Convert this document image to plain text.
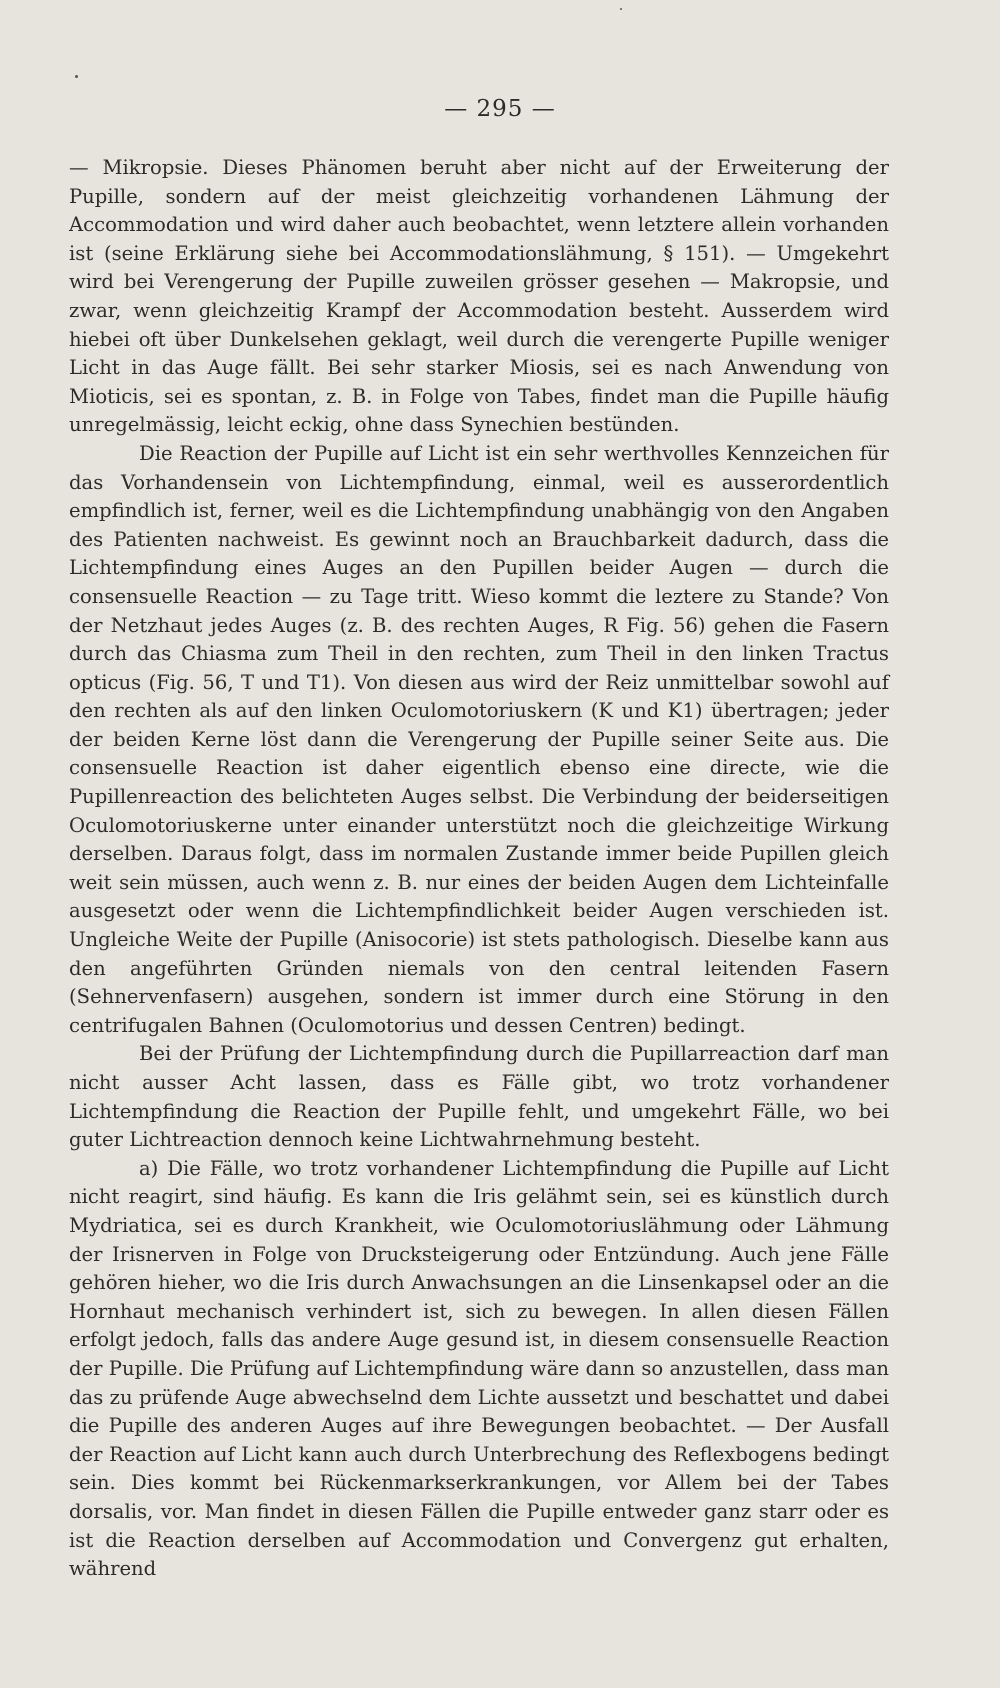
— 295 —

— Mikropsie. Dieses Phänomen beruht aber nicht auf der Erweiterung der Pupille, sondern auf der meist gleichzeitig vorhandenen Lähmung der Accommodation und wird daher auch beobachtet, wenn letztere allein vorhanden ist (seine Erklärung siehe bei Accommodationslähmung, § 151). — Umgekehrt wird bei Verengerung der Pupille zuweilen grösser gesehen — Makropsie, und zwar, wenn gleichzeitig Krampf der Accommodation besteht. Ausserdem wird hiebei oft über Dunkelsehen geklagt, weil durch die verengerte Pupille weniger Licht in das Auge fällt. Bei sehr starker Miosis, sei es nach Anwendung von Mioticis, sei es spontan, z. B. in Folge von Tabes, findet man die Pupille häufig unregelmässig, leicht eckig, ohne dass Synechien bestünden.

Die Reaction der Pupille auf Licht ist ein sehr werthvolles Kennzeichen für das Vorhandensein von Lichtempfindung, einmal, weil es ausserordentlich empfindlich ist, ferner, weil es die Lichtempfindung unabhängig von den Angaben des Patienten nachweist. Es gewinnt noch an Brauchbarkeit dadurch, dass die Lichtempfindung eines Auges an den Pupillen beider Augen — durch die consensuelle Reaction — zu Tage tritt. Wieso kommt die leztere zu Stande? Von der Netzhaut jedes Auges (z. B. des rechten Auges, R Fig. 56) gehen die Fasern durch das Chiasma zum Theil in den rechten, zum Theil in den linken Tractus opticus (Fig. 56, T und T1). Von diesen aus wird der Reiz unmittelbar sowohl auf den rechten als auf den linken Oculomotoriuskern (K und K1) übertragen; jeder der beiden Kerne löst dann die Verengerung der Pupille seiner Seite aus. Die consensuelle Reaction ist daher eigentlich ebenso eine directe, wie die Pupillenreaction des belichteten Auges selbst. Die Verbindung der beiderseitigen Oculomotoriuskerne unter einander unterstützt noch die gleichzeitige Wirkung derselben. Daraus folgt, dass im normalen Zustande immer beide Pupillen gleich weit sein müssen, auch wenn z. B. nur eines der beiden Augen dem Lichteinfalle ausgesetzt oder wenn die Lichtempfindlichkeit beider Augen verschieden ist. Ungleiche Weite der Pupille (Anisocorie) ist stets pathologisch. Dieselbe kann aus den angeführten Gründen niemals von den central leitenden Fasern (Sehnervenfasern) ausgehen, sondern ist immer durch eine Störung in den centrifugalen Bahnen (Oculomotorius und dessen Centren) bedingt.

Bei der Prüfung der Lichtempfindung durch die Pupillarreaction darf man nicht ausser Acht lassen, dass es Fälle gibt, wo trotz vorhandener Lichtempfindung die Reaction der Pupille fehlt, und umgekehrt Fälle, wo bei guter Lichtreaction dennoch keine Lichtwahrnehmung besteht.

a) Die Fälle, wo trotz vorhandener Lichtempfindung die Pupille auf Licht nicht reagirt, sind häufig. Es kann die Iris gelähmt sein, sei es künstlich durch Mydriatica, sei es durch Krankheit, wie Oculomotoriuslähmung oder Lähmung der Irisnerven in Folge von Drucksteigerung oder Entzündung. Auch jene Fälle gehören hieher, wo die Iris durch Anwachsungen an die Linsenkapsel oder an die Hornhaut mechanisch verhindert ist, sich zu bewegen. In allen diesen Fällen erfolgt jedoch, falls das andere Auge gesund ist, in diesem consensuelle Reaction der Pupille. Die Prüfung auf Lichtempfindung wäre dann so anzustellen, dass man das zu prüfende Auge abwechselnd dem Lichte aussetzt und beschattet und dabei die Pupille des anderen Auges auf ihre Bewegungen beobachtet. — Der Ausfall der Reaction auf Licht kann auch durch Unterbrechung des Reflexbogens bedingt sein. Dies kommt bei Rückenmarkserkrankungen, vor Allem bei der Tabes dorsalis, vor. Man findet in diesen Fällen die Pupille entweder ganz starr oder es ist die Reaction derselben auf Accommodation und Convergenz gut erhalten, während
